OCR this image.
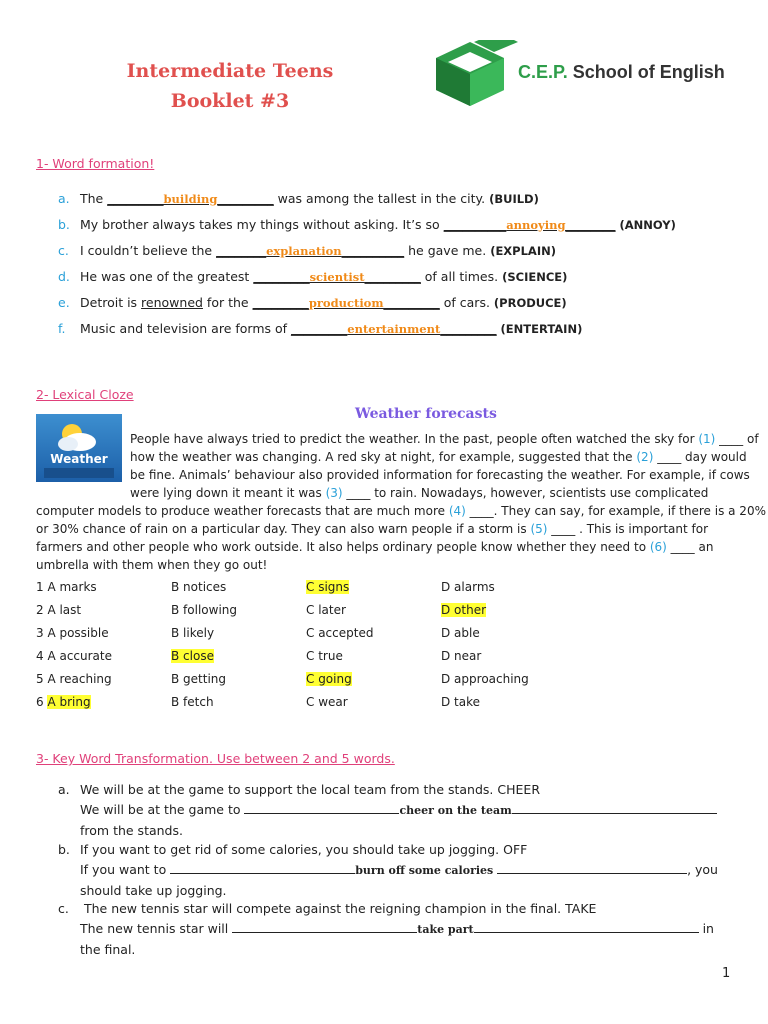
Intermediate Teens
Booklet #3
C.E.P. School of English
1- Word formation!
a. The _________building_________ was among the tallest in the city. (BUILD)
b. My brother always takes my things without asking. It’s so __________annoying________ (ANNOY)
c. I couldn’t believe the ________explanation__________ he gave me. (EXPLAIN)
d. He was one of the greatest _________scientist_________ of all times. (SCIENCE)
e. Detroit is renowned for the _________productiom_________ of cars. (PRODUCE)
f. Music and television are forms of _________entertainment_________ (ENTERTAIN)
2- Lexical Cloze
Weather
Weather forecasts
People have always tried to predict the weather. In the past, people often watched the sky for (1) ____ of
how the weather was changing. A red sky at night, for example, suggested that the (2) ____ day would
be fine. Animals’ behaviour also provided information for forecasting the weather. For example, if cows
were lying down it meant it was (3) ____ to rain. Nowadays, however, scientists use complicated
computer models to produce weather forecasts that are much more (4) ____. They can say, for example, if there is a 20%
or 30% chance of rain on a particular day. They can also warn people if a storm is (5) ____ . This is important for
farmers and other people who work outside. It also helps ordinary people know whether they need to (6) ____ an
umbrella with them when they go out!
1 A marks	B notices	C signs	D alarms
2 A last	B following	C later	D other
3 A possible	B likely	C accepted	D able
4 A accurate	B close	C true	D near
5 A reaching	B getting	C going	D approaching
6 A bring	B fetch	C wear	D take
3- Key Word Transformation. Use between 2 and 5 words.
a. We will be at the game to support the local team from the stands. CHEER
We will be at the game to	cheer on the team
from the stands.
b. If you want to get rid of some calories, you should take up jogging. OFF
If you want to	burn off some calories	, you
should take up jogging.
c. The new tennis star will compete against the reigning champion in the final. TAKE
The new tennis star will	take part	in
the final.
1
